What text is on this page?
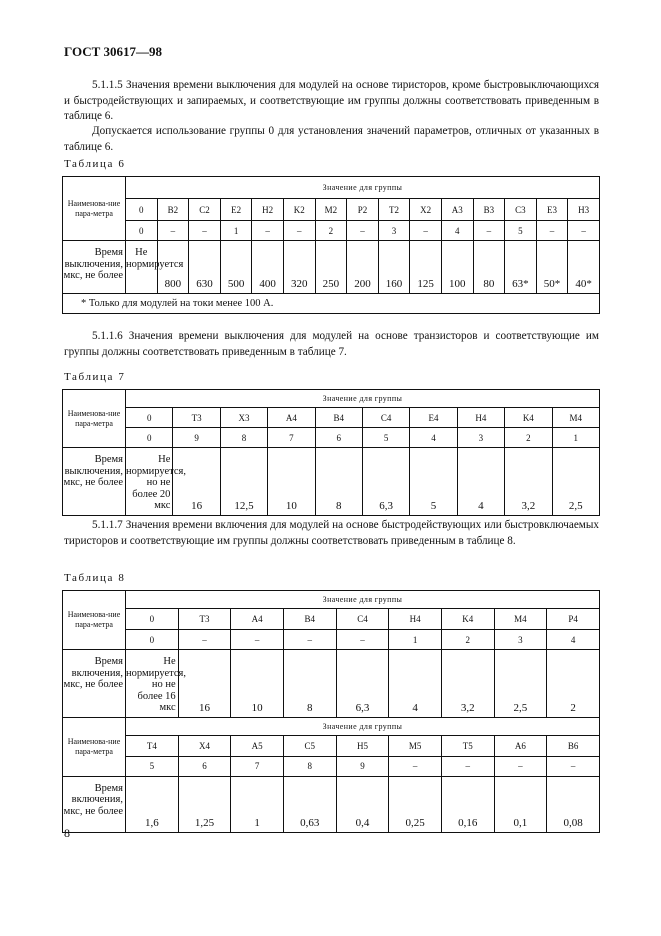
ГОСТ 30617—98

5.1.1.5 Значения времени выключения для модулей на основе тиристоров, кроме быстровыключающихся и быстродействующих и запираемых, и соответствующие им группы должны соответствовать приведенным в таблице 6.

Допускается использование группы 0 для установления значений параметров, отличных от указанных в таблице 6.

Таблица 6
Наименова-ние пара-метра	Значение для группы														
	0	B2	C2	E2	H2	K2	M2	P2	T2	X2	A3	B3	C3	E3	H3
	0	–	–	1	–	–	2	–	3	–	4	–	5	–	–
Время выключения, мкс, не более	Не нормируется	800	630	500	400	320	250	200	160	125	100	80	63*	50*	40*
* Только для модулей на токи менее 100 А.															

5.1.1.6 Значения времени выключения для модулей на основе транзисторов и соответствующие им группы должны соответствовать приведенным в таблице 7.

Таблица 7
Наименова-ние пара-метра	Значение для группы									
	0	T3	X3	A4	B4	C4	E4	H4	K4	M4
	0	9	8	7	6	5	4	3	2	1
Время выключения, мкс, не более	Не нормируется, но не более 20 мкс	16	12,5	10	8	6,3	5	4	3,2	2,5

5.1.1.7 Значения времени включения для модулей на основе быстродействующих или быстровключаемых тиристоров и соответствующие им группы должны соответствовать приведенным в таблице 8.

Таблица 8
Наименова-ние пара-метра	Значение для группы								
	0	T3	A4	B4	C4	H4	K4	M4	P4
	0	–	–	–	–	1	2	3	4
Время включения, мкс, не более	Не нормируется, но не более 16 мкс	16	10	8	6,3	4	3,2	2,5	2
Наименова-ние пара-метра	Значение для группы								
	T4	X4	A5	C5	H5	M5	T5	A6	B6
	5	6	7	8	9	–	–	–	–
Время включения, мкс, не более	1,6	1,25	1	0,63	0,4	0,25	0,16	0,1	0,08
8
